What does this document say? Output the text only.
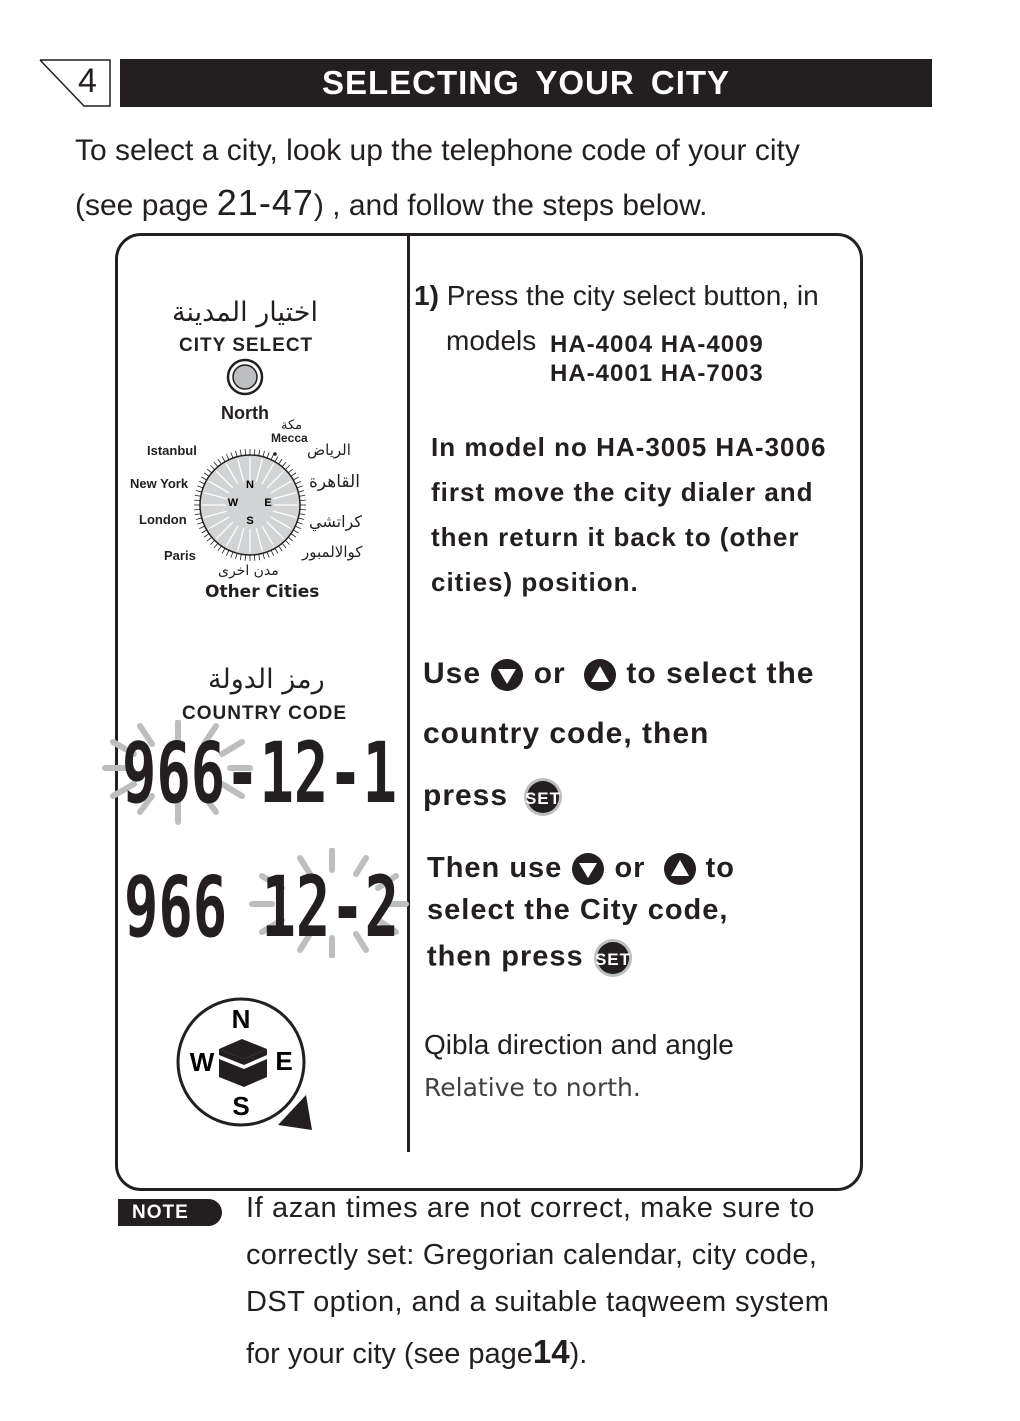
4	SELECTING YOUR CITY
To select a city, look up the telephone code of your city
(see page 21-47) , and follow the steps below.
اختيار المدينة
CITY SELECT
North
مكة
Mecca
Istanbul
New York
London
Paris
الرياض
القاهرة
كراتشي
كوالالمبور
مدن اخرى
Other Cities
N
W E
S
رمز الدولة
COUNTRY CODE
966-12-1
966 12-2
N
W E
S
1) Press the city select button, in
models HA-4004 HA-4009
HA-4001 HA-7003
In model no HA-3005 HA-3006
first move the city dialer and
then return it back to (other
cities) position.
Use or to select the
country code, then
press SET
Then use or to
select the City code,
then press SET
Qibla direction and angle
Relative to north.
NOTE	If azan times are not correct, make sure to
correctly set: Gregorian calendar, city code,
DST option, and a suitable taqweem system
for your city (see page14).
